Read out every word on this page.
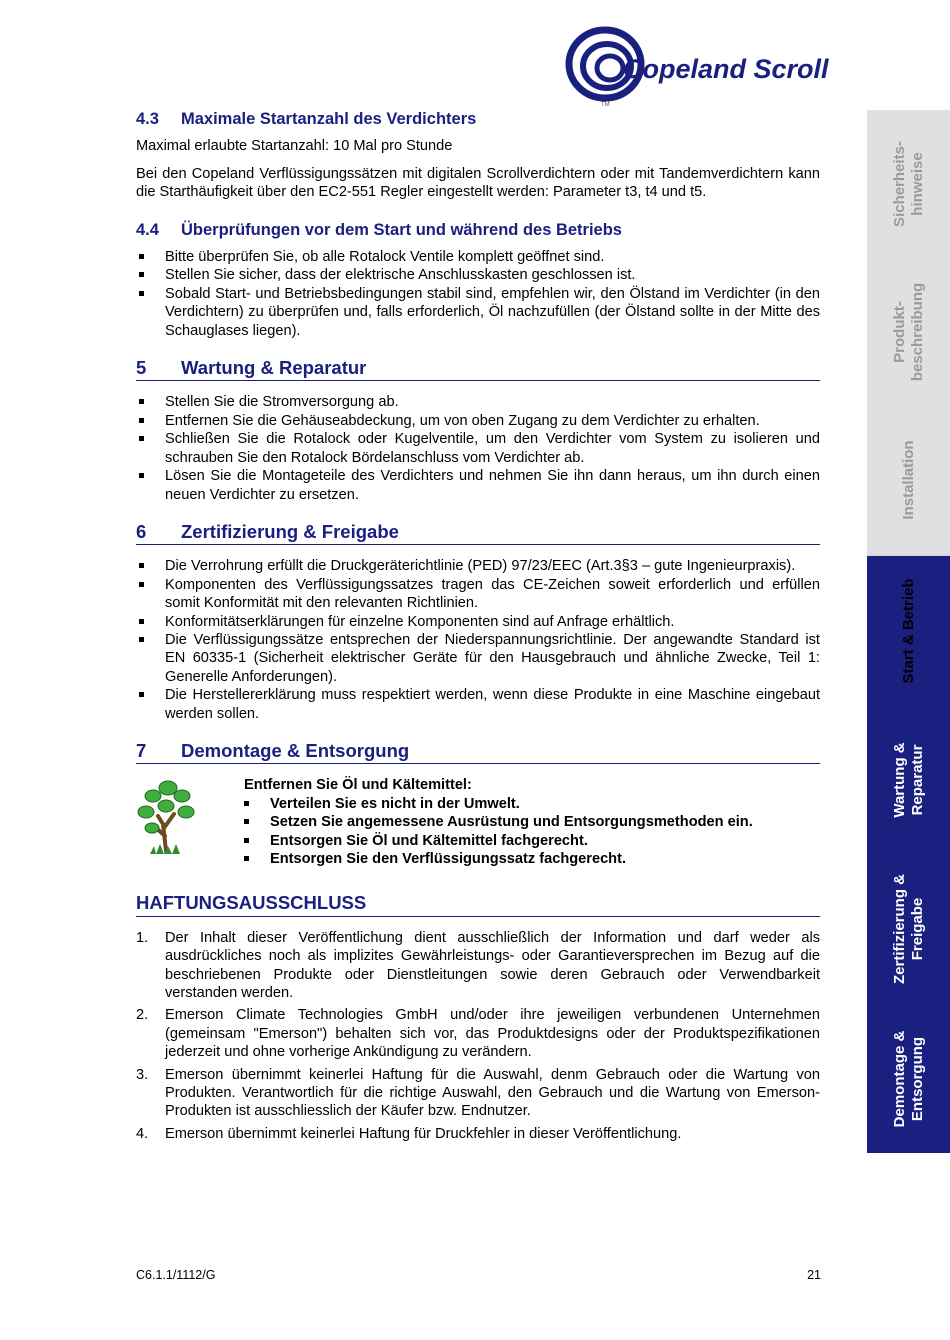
Copeland Scroll
TM
4.3	Maximale Startanzahl des Verdichters

Maximal erlaubte Startanzahl: 10 Mal pro Stunde

Bei den Copeland Verflüssigungssätzen mit digitalen Scrollverdichtern oder mit Tandemverdichtern kann die Starthäufigkeit über den EC2-551 Regler eingestellt werden: Parameter t3, t4 und t5.

4.4	Überprüfungen vor dem Start und während des Betriebs
Bitte überprüfen Sie, ob alle Rotalock Ventile komplett geöffnet sind.
Stellen Sie sicher, dass der elektrische Anschlusskasten geschlossen ist.
Sobald Start- und Betriebsbedingungen stabil sind, empfehlen wir, den Ölstand im Verdichter (in den Verdichtern) zu überprüfen und, falls erforderlich, Öl nachzufüllen (der Ölstand sollte in der Mitte des Schauglases liegen).
5	Wartung & Reparatur
Stellen Sie die Stromversorgung ab.
Entfernen Sie die Gehäuseabdeckung, um von oben Zugang zu dem Verdichter zu erhalten.
Schließen Sie die Rotalock oder Kugelventile, um den Verdichter vom System zu isolieren und schrauben Sie den Rotalock Bördelanschluss vom Verdichter ab.
Lösen Sie die Montageteile des Verdichters und nehmen Sie ihn dann heraus, um ihn durch einen neuen Verdichter zu ersetzen.
6	Zertifizierung & Freigabe
Die Verrohrung erfüllt die Druckgeräterichtlinie (PED) 97/23/EEC (Art.3§3 – gute Ingenieurpraxis).
Komponenten des Verflüssigungssatzes tragen das CE-Zeichen soweit erforderlich und erfüllen somit Konformität mit den relevanten Richtlinien.
Konformitätserklärungen für einzelne Komponenten sind auf Anfrage erhältlich.
Die Verflüssigungssätze entsprechen der Niederspannungsrichtlinie. Der angewandte Standard ist EN 60335-1 (Sicherheit elektrischer Geräte für den Hausgebrauch und ähnliche Zwecke, Teil 1: Generelle Anforderungen).
Die Herstellererklärung muss respektiert werden, wenn diese Produkte in eine Maschine eingebaut werden sollen.
7	Demontage & Entsorgung
Entfernen Sie Öl und Kältemittel:
Verteilen Sie es nicht in der Umwelt.
Setzen Sie angemessene Ausrüstung und Entsorgungsmethoden ein.
Entsorgen Sie Öl und Kältemittel fachgerecht.
Entsorgen Sie den Verflüssigungssatz fachgerecht.
HAFTUNGSAUSSCHLUSS
1. Der Inhalt dieser Veröffentlichung dient ausschließlich der Information und darf weder als ausdrückliches noch als implizites Gewährleistungs- oder Garantieversprechen im Bezug auf die beschriebenen Produkte oder Dienstleitungen sowie deren Gebrauch oder Verwendbarkeit verstanden werden.
2. Emerson Climate Technologies GmbH und/oder ihre jeweiligen verbundenen Unternehmen (gemeinsam "Emerson") behalten sich vor, das Produktdesigns oder der Produktspezifikationen jederzeit und ohne vorherige Ankündigung zu verändern.
3. Emerson übernimmt keinerlei Haftung für die Auswahl, denm Gebrauch oder die Wartung von Produkten. Verantwortlich für die richtige Auswahl, den Gebrauch und die Wartung von Emerson-Produkten ist ausschliesslich der Käufer bzw. Endnutzer.
4. Emerson übernimmt keinerlei Haftung für Druckfehler in dieser Veröffentlichung.
C6.1.1/1112/G	21
Sicherheits-
hinweise
Produkt-
beschreibung
Installation
Start & Betrieb
Wartung &
Reparatur
Zertifizierung &
Freigabe
Demontage &
Entsorgung
